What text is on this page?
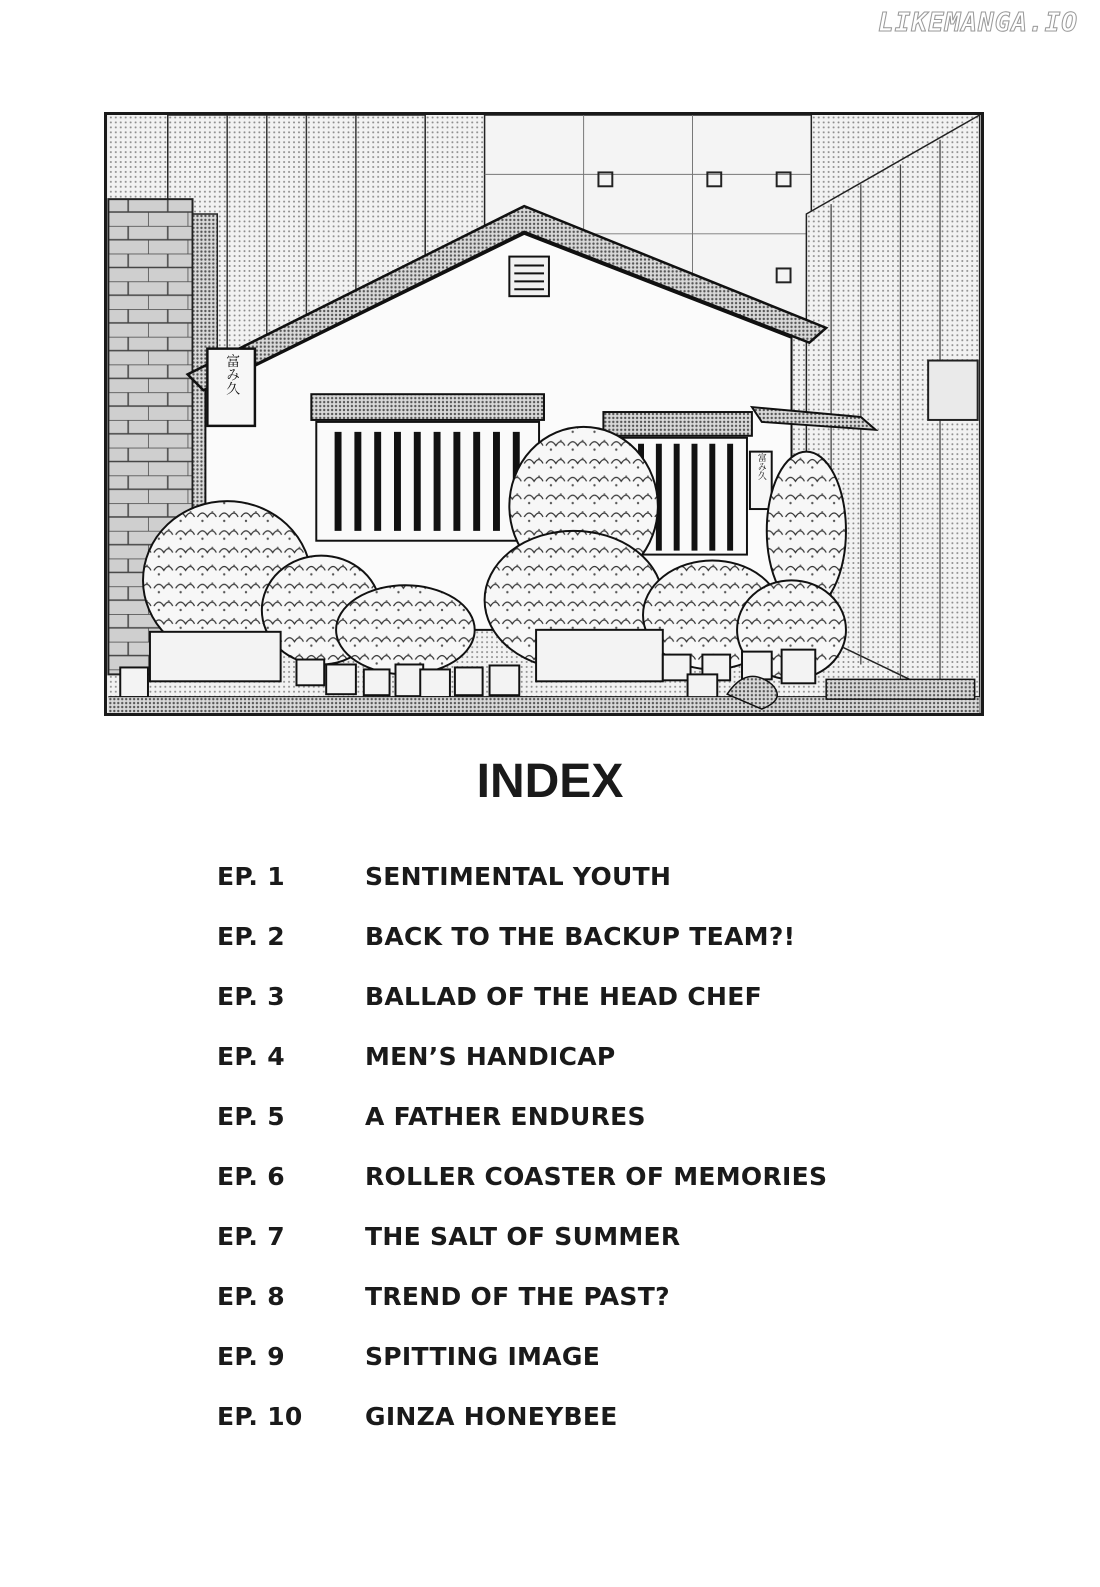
LIKEMANGA.IO
富み久
富み久
INDEX
EP. 1	SENTIMENTAL YOUTH
EP. 2	BACK TO THE BACKUP TEAM?!
EP. 3	BALLAD OF THE HEAD CHEF
EP. 4	MEN’S HANDICAP
EP. 5	A FATHER ENDURES
EP. 6	ROLLER COASTER OF MEMORIES
EP. 7	THE SALT OF SUMMER
EP. 8	TREND OF THE PAST?
EP. 9	SPITTING IMAGE
EP. 10	GINZA HONEYBEE
